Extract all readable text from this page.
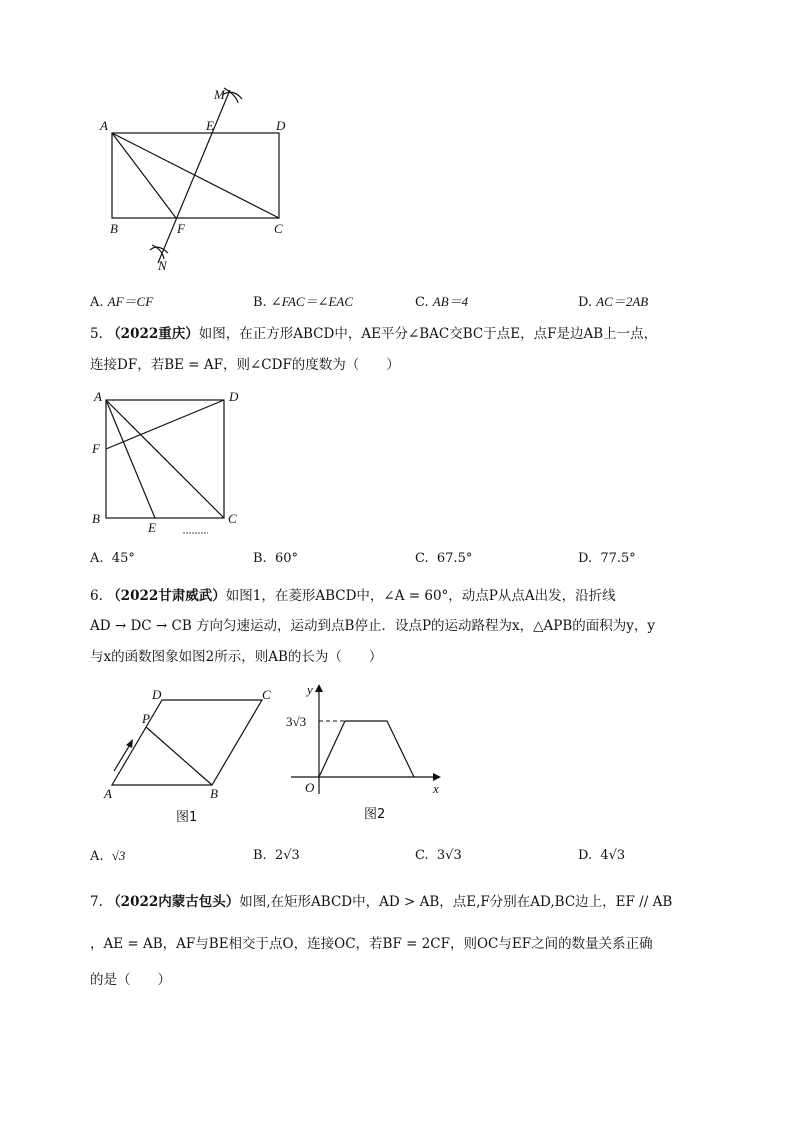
A	E	D
M
B	F	C
N
A. AF＝CF	B. ∠FAC＝∠EAC	C. AB＝4	D. AC＝2AB
5. （2022重庆）如图，在正方形ABCD中，AE平分∠BAC交BC于点E，点F是边AB上一点，
连接DF，若BE = AF，则∠CDF的度数为（　　）
A	D
F
B
E
C
A. 45°	B. 60°	C. 67.5°	D. 77.5°
6. （2022甘肃威武）如图1，在菱形ABCD中，∠A = 60°，动点P从点A出发，沿折线
AD → DC → CB 方向匀速运动，运动到点B停止．设点P的运动路程为x，△APB的面积为y，y
与x的函数图象如图2所示，则AB的长为（　　）
D	C
P
A	B
图1
y
x
O
3√3
图2
A. √3	B. 2√3	C. 3√3	D. 4√3
7. （2022内蒙古包头）如图,在矩形ABCD中，AD > AB，点E,F分别在AD,BC边上，EF // AB
，AE = AB，AF与BE相交于点O，连接OC，若BF = 2CF，则OC与EF之间的数量关系正确
的是（　　）
